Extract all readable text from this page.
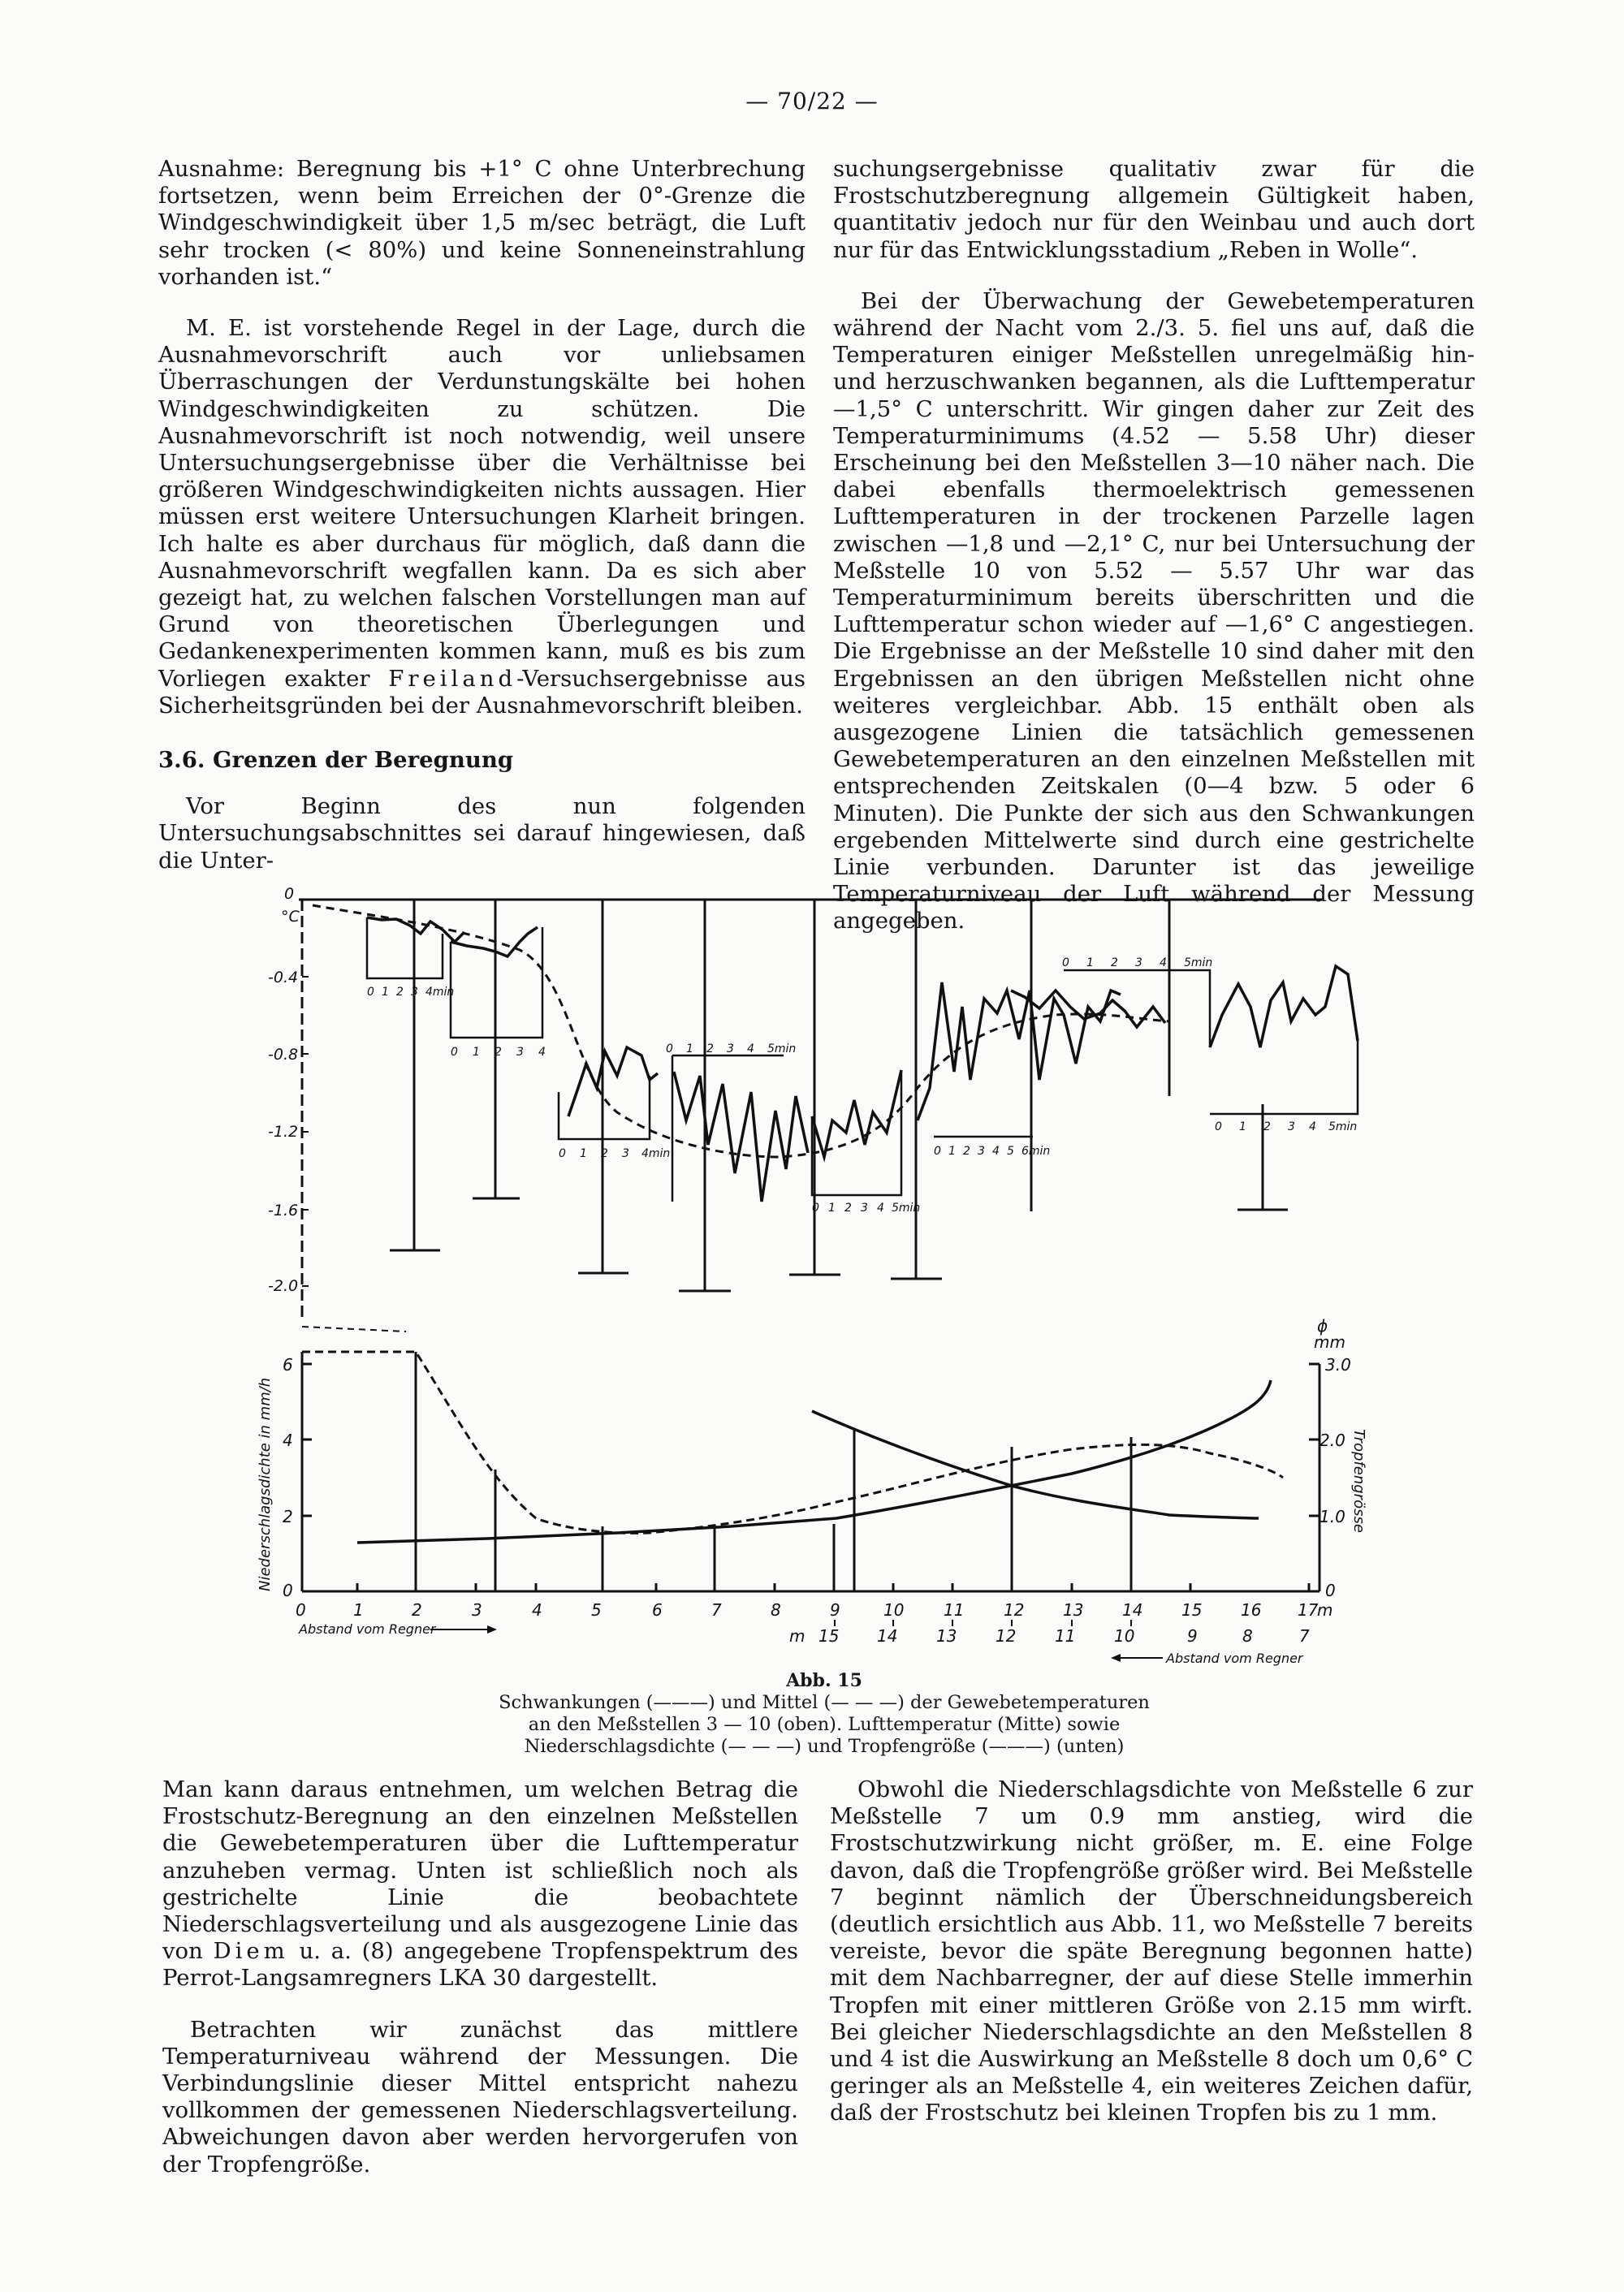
— 70/22 —

Ausnahme: Beregnung bis +1° C ohne Unterbrechung fortsetzen, wenn beim Erreichen der 0°-Grenze die Windgeschwindigkeit über 1,5 m/sec beträgt, die Luft sehr trocken (< 80%) und keine Sonneneinstrahlung vorhanden ist.“

M. E. ist vorstehende Regel in der Lage, durch die Ausnahmevorschrift auch vor unliebsamen Überraschungen der Verdunstungskälte bei hohen Windgeschwindigkeiten zu schützen. Die Ausnahmevorschrift ist noch notwendig, weil unsere Untersuchungsergebnisse über die Verhältnisse bei größeren Windgeschwindigkeiten nichts aussagen. Hier müssen erst weitere Untersuchungen Klarheit bringen. Ich halte es aber durchaus für möglich, daß dann die Ausnahmevorschrift wegfallen kann. Da es sich aber gezeigt hat, zu welchen falschen Vorstellungen man auf Grund von theoretischen Überlegungen und Gedankenexperimenten kommen kann, muß es bis zum Vorliegen exakter Freiland-Versuchsergebnisse aus Sicherheitsgründen bei der Ausnahmevorschrift bleiben.

3.6. Grenzen der Beregnung

Vor Beginn des nun folgenden Untersuchungsabschnittes sei darauf hingewiesen, daß die Unter-

suchungsergebnisse qualitativ zwar für die Frostschutzberegnung allgemein Gültigkeit haben, quantitativ jedoch nur für den Weinbau und auch dort nur für das Entwicklungsstadium „Reben in Wolle“.

Bei der Überwachung der Gewebetemperaturen während der Nacht vom 2./3. 5. fiel uns auf, daß die Temperaturen einiger Meßstellen unregelmäßig hin- und herzuschwanken begannen, als die Lufttemperatur —1,5° C unterschritt. Wir gingen daher zur Zeit des Temperaturminimums (4.52 — 5.58 Uhr) dieser Erscheinung bei den Meßstellen 3—10 näher nach. Die dabei ebenfalls thermoelektrisch gemessenen Lufttemperaturen in der trockenen Parzelle lagen zwischen —1,8 und —2,1° C, nur bei Untersuchung der Meßstelle 10 von 5.52 — 5.57 Uhr war das Temperaturminimum bereits überschritten und die Lufttemperatur schon wieder auf —1,6° C angestiegen. Die Ergebnisse an der Meßstelle 10 sind daher mit den Ergebnissen an den übrigen Meßstellen nicht ohne weiteres vergleichbar. Abb. 15 enthält oben als ausgezogene Linien die tatsächlich gemessenen Gewebetemperaturen an den einzelnen Meßstellen mit entsprechenden Zeitskalen (0—4 bzw. 5 oder 6 Minuten). Die Punkte der sich aus den Schwankungen ergebenden Mittelwerte sind durch eine gestrichelte Linie verbunden. Darunter ist das jeweilige Temperaturniveau der Luft während der Messung angegeben.

0
°C
-0.4
-0.8
-1.2
-1.6
-2.0
0 1 2 3 4min
0 1 2 3 4
0 1 2 3 4min
0 1 2 3 4 5min
0 1 2 3 4 5min
0 1 2 3 4 5min
0 1 2 3 4 5 6min
0 1 2 3 4 5min
6
4
2
0
ϕ
mm
3.0
2.0
1.0
0
Niederschlagsdichte in mm/h	Tropfengrösse
0	1	2	3	4	5	6	7	8	9	10 11 12 13 14 15 16 17
m
Abstand vom Regner	m 15 14 13 12 11 10	9	8	7
Abstand vom Regner
Abb. 15
Schwankungen (———) und Mittel (— — —) der Gewebetemperaturen an den Meßstellen 3 — 10 (oben). Lufttemperatur (Mitte) sowie Niederschlagsdichte (— — —) und Tropfengröße (———) (unten)

Man kann daraus entnehmen, um welchen Betrag die Frostschutz-Beregnung an den einzelnen Meßstellen die Gewebetemperaturen über die Lufttemperatur anzuheben vermag. Unten ist schließlich noch als gestrichelte Linie die beobachtete Niederschlagsverteilung und als ausgezogene Linie das von Diem u. a. (8) angegebene Tropfenspektrum des Perrot-Langsamregners LKA 30 dargestellt.

Betrachten wir zunächst das mittlere Temperaturniveau während der Messungen. Die Verbindungslinie dieser Mittel entspricht nahezu vollkommen der gemessenen Niederschlagsverteilung. Abweichungen davon aber werden hervorgerufen von der Tropfengröße.

Obwohl die Niederschlagsdichte von Meßstelle 6 zur Meßstelle 7 um 0.9 mm anstieg, wird die Frostschutzwirkung nicht größer, m. E. eine Folge davon, daß die Tropfengröße größer wird. Bei Meßstelle 7 beginnt nämlich der Überschneidungsbereich (deutlich ersichtlich aus Abb. 11, wo Meßstelle 7 bereits vereiste, bevor die späte Beregnung begonnen hatte) mit dem Nachbarregner, der auf diese Stelle immerhin Tropfen mit einer mittleren Größe von 2.15 mm wirft. Bei gleicher Niederschlagsdichte an den Meßstellen 8 und 4 ist die Auswirkung an Meßstelle 8 doch um 0,6° C geringer als an Meßstelle 4, ein weiteres Zeichen dafür, daß der Frostschutz bei kleinen Tropfen bis zu 1 mm.
